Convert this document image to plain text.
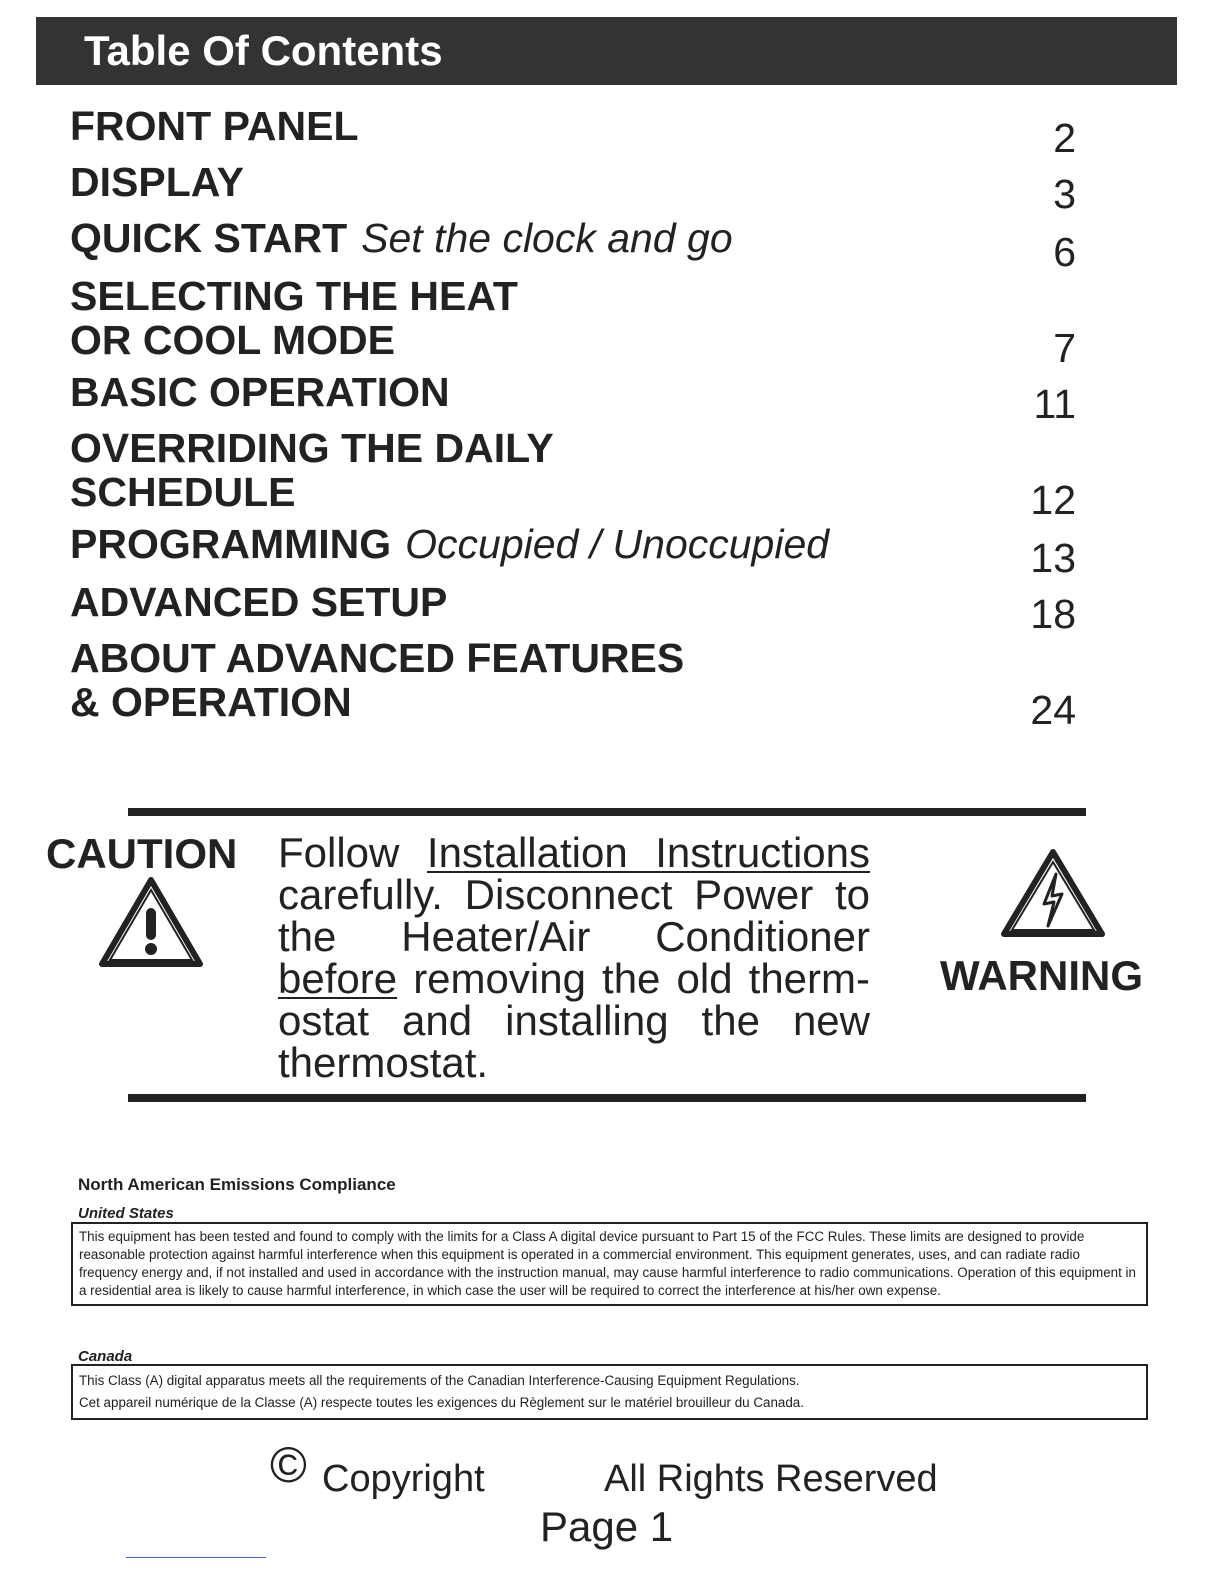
Table Of Contents
FRONT PANEL	2
DISPLAY	3
QUICK START Set the clock and go	6
SELECTING THE HEAT
OR COOL MODE	7
BASIC OPERATION	11
OVERRIDING THE DAILY
SCHEDULE	12
PROGRAMMING Occupied / Unoccupied	13
ADVANCED SETUP	18
ABOUT ADVANCED FEATURES
& OPERATION	24
CAUTION Follow Installation Instructions carefully. Disconnect Power to the Heater/Air Conditioner before removing the old therm-ostat and installing the new thermostat.
WARNING
North American Emissions Compliance
United States

This equipment has been tested and found to comply with the limits for a Class A digital device pursuant to Part 15 of the FCC Rules. These limits are designed to provide reasonable protection against harmful interference when this equipment is operated in a commercial environment. This equipment generates, uses, and can radiate radio frequency energy and, if not installed and used in accordance with the instruction manual, may cause harmful interference to radio communications. Operation of this equipment in a residential area is likely to cause harmful interference, in which case the user will be required to correct the interference at his/her own expense.

Canada

This Class (A) digital apparatus meets all the requirements of the Canadian Interference-Causing Equipment Regulations.

Cet appareil numérique de la Classe (A) respecte toutes les exigences du Règlement sur le matériel brouilleur du Canada.

© Copyright	All Rights Reserved
Page 1
